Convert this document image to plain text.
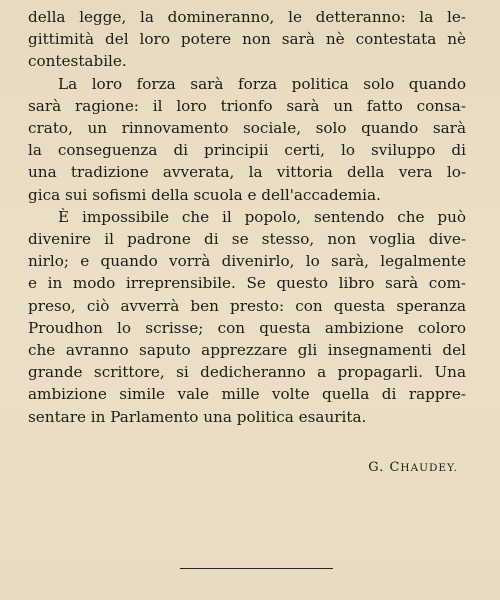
della legge, la domineranno, le detteranno: la le-
gittimità del loro potere non sarà nè contestata nè
contestabile.
La loro forza sarà forza politica solo quando
sarà ragione: il loro trionfo sarà un fatto consa-
crato, un rinnovamento sociale, solo quando sarà
la conseguenza di principii certi, lo sviluppo di
una tradizione avverata, la vittoria della vera lo-
gica sui sofismi della scuola e dell'accademia.
È impossibile che il popolo, sentendo che può
divenire il padrone di se stesso, non voglia dive-
nirlo; e quando vorrà divenirlo, lo sarà, legalmente
e in modo irreprensibile. Se questo libro sarà com-
preso, ciò avverrà ben presto: con questa speranza
Proudhon lo scrisse; con questa ambizione coloro
che avranno saputo apprezzare gli insegnamenti del
grande scrittore, si dedicheranno a propagarli. Una
ambizione simile vale mille volte quella di rappre-
sentare in Parlamento una politica esaurita.
G. CHAUDEY.
